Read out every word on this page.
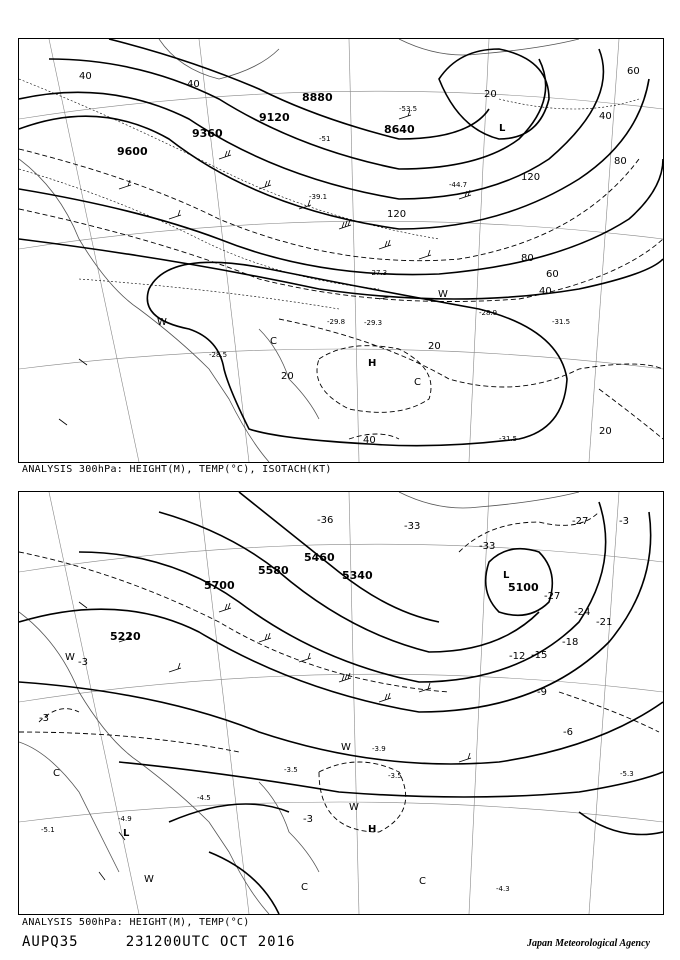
9600
9360
9120
8880
8640
H
L
120
120
80
60
40
40
20
20
20
40
60
80
40
40
20
-29.3
-28.9
-31.5
-28.5
-27.3
-29.8
-31.5
-53.5
-51
-44.7
-39.1
C
C
W
W
ANALYSIS 300hPa: HEIGHT(M), TEMP(°C), ISOTACH(KT)
5700
5580
5460
5340
5220
5100
H
L
L
-36
-33
-33
-27
-27
-24
-21
-18
-15
-12
-9
-6
-3
-3
-3
-3
-3.9
-3.5	-5.3
-4.9
-4.3
-5.1
-4.5
-3.5
W
W
W
W
C
C
C
ANALYSIS 500hPa: HEIGHT(M), TEMP(°C)
AUPQ35	231200UTC OCT 2016	Japan Meteorological Agency
